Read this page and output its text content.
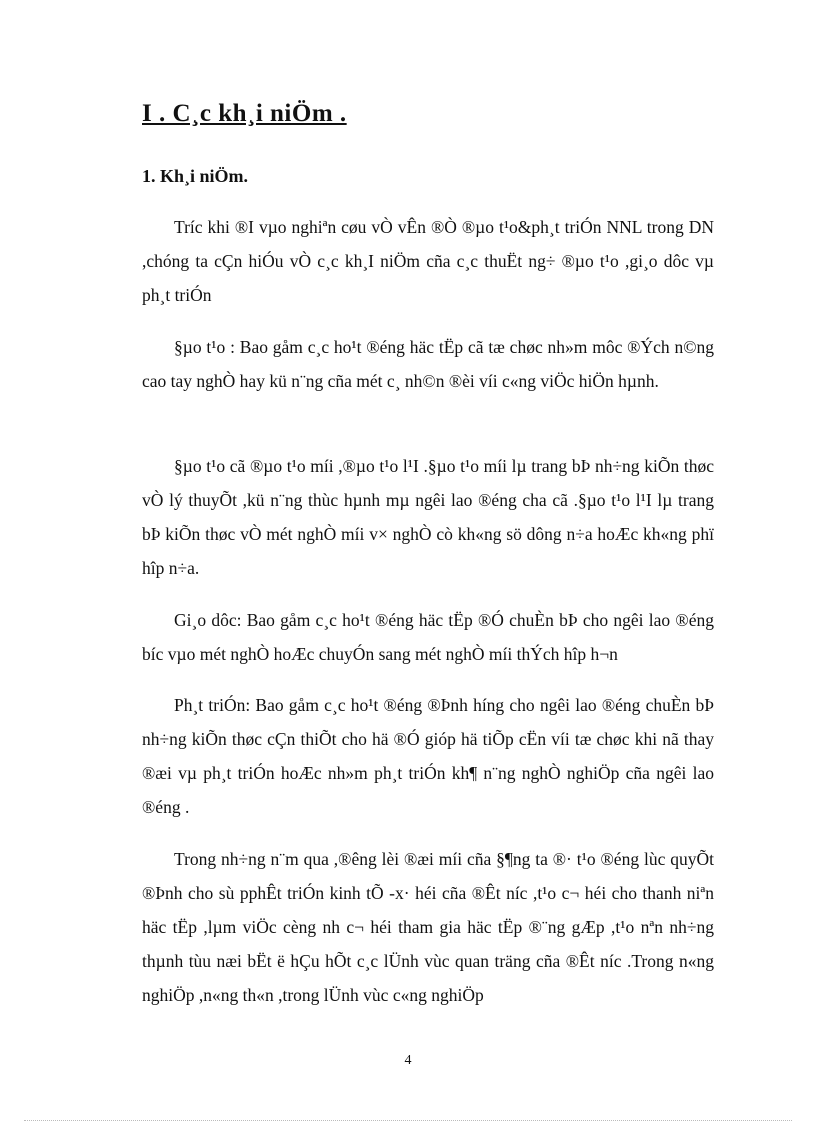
I . C¸c kh¸i niÖm .
1. Kh¸i niÖm.

Tríc khi ®I vµo nghiªn cøu vÒ vÊn ®Ò ®µo t¹o&ph¸t triÓn NNL trong DN ,chóng ta cÇn hiÓu vÒ c¸c kh¸I niÖm cña c¸c thuËt ng÷ ®µo t¹o ,gi¸o dôc vµ ph¸t triÓn

§µo t¹o : Bao gåm c¸c ho¹t ®éng häc tËp cã tæ chøc nh»m môc ®Ých n©ng cao tay nghÒ hay kü n¨ng cña mét c¸ nh©n ®èi víi c«ng viÖc hiÖn hµnh.

§µo t¹o cã ®µo t¹o míi ,®µo t¹o l¹I .§µo t¹o míi lµ trang bÞ nh÷ng kiÕn thøc vÒ lý thuyÕt ,kü n¨ng thùc hµnh mµ ngêi lao ®éng cha cã .§µo t¹o l¹I lµ trang bÞ kiÕn thøc vÒ mét nghÒ míi v× nghÒ cò kh«ng sö dông n÷a hoÆc kh«ng phï hîp n÷a.

Gi¸o dôc: Bao gåm c¸c ho¹t ®éng häc tËp ®Ó chuÈn bÞ cho ngêi lao ®éng bíc vµo mét nghÒ hoÆc chuyÓn sang mét nghÒ míi thÝch hîp h¬n

Ph¸t triÓn: Bao gåm c¸c ho¹t ®éng ®Þnh híng cho ngêi lao ®éng chuÈn bÞ nh÷ng kiÕn thøc cÇn thiÕt cho hä ®Ó gióp hä tiÕp cËn víi tæ chøc khi nã thay ®æi vµ ph¸t triÓn hoÆc nh»m ph¸t triÓn kh¶ n¨ng nghÒ nghiÖp cña ngêi lao ®éng .

Trong nh÷ng n¨m qua ,®êng lèi ®æi míi cña §¶ng ta ®· t¹o ®éng lùc quyÕt ®Þnh cho sù pphÊt triÓn kinh tÕ -x· héi cña ®Êt níc ,t¹o c¬ héi cho thanh niªn häc tËp ,lµm viÖc cèng nh c¬ héi tham gia häc tËp ®¨ng gÆp ,t¹o nªn nh÷ng thµnh tùu næi bËt ë hÇu hÕt c¸c lÜnh vùc quan träng cña ®Êt níc .Trong n«ng nghiÖp ,n«ng th«n ,trong lÜnh vùc c«ng nghiÖp

4
